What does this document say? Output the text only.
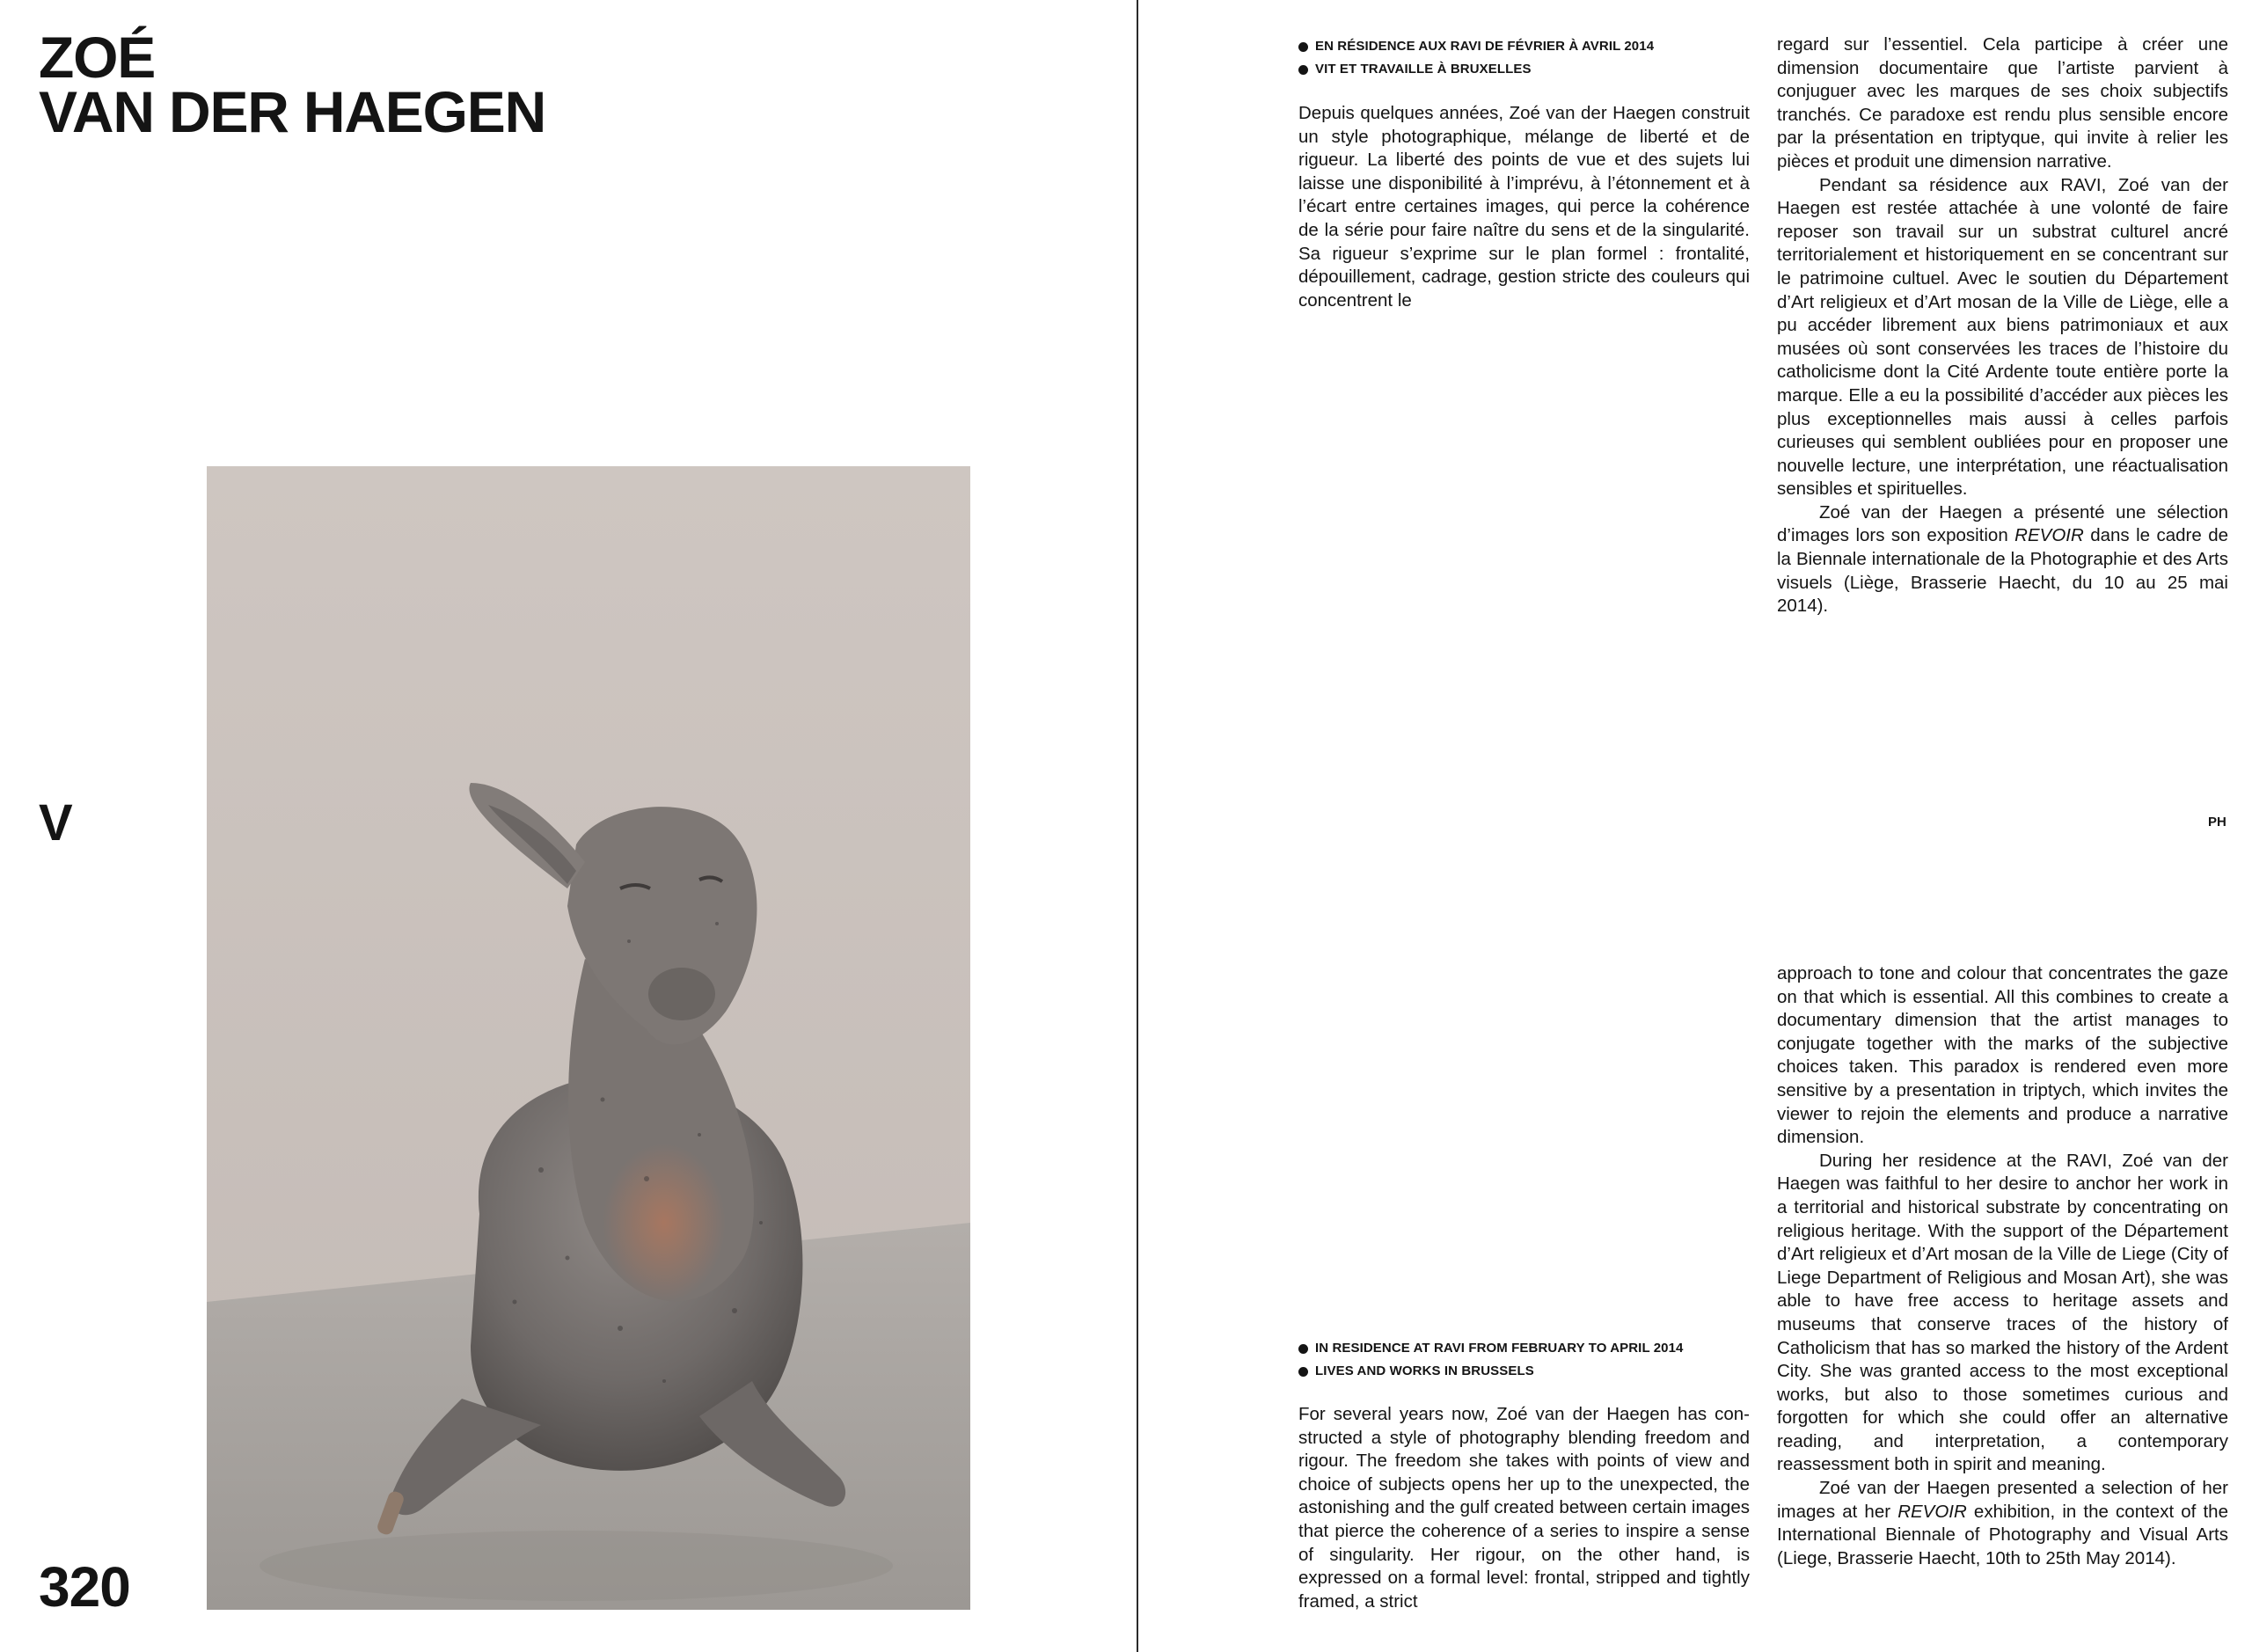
ZOÉ
VAN DER HAEGEN
V
320
EN RÉSIDENCE AUX RAVI DE FÉVRIER À AVRIL 2014
VIT ET TRAVAILLE À BRUXELLES

Depuis quelques années, Zoé van der Haegen construit un style photographique, mélange de liberté et de rigueur. La liberté des points de vue et des sujets lui laisse une disponibilité à l’imprévu, à l’étonnement et à l’écart entre certaines images, qui perce la cohérence de la série pour faire naître du sens et de la singularité. Sa rigueur s’exprime sur le plan formel : frontalité, dépouillement, cadrage, gestion stricte des couleurs qui concentrent le

regard sur l’essentiel. Cela participe à créer une dimension documentaire que l’artiste parvient à conjuguer avec les marques de ses choix subjectifs tranchés. Ce paradoxe est rendu plus sensible encore par la présentation en triptyque, qui invite à relier les pièces et produit une dimension narrative.

Pendant sa résidence aux RAVI, Zoé van der Haegen est restée attachée à une volonté de faire reposer son travail sur un substrat culturel ancré territorialement et historiquement en se concentrant sur le patrimoine cultuel. Avec le soutien du Département d’Art religieux et d’Art mosan de la Ville de Liège, elle a pu accéder librement aux biens patrimoniaux et aux musées où sont conservées les traces de l’histoire du catholicisme dont la Cité Ardente toute entière porte la marque. Elle a eu la possibilité d’accéder aux pièces les plus exceptionnelles mais aussi à celles parfois curieuses qui semblent oubliées pour en proposer une nouvelle lecture, une interprétation, une réactualisation sensibles et spirituelles.

Zoé van der Haegen a présenté une sélection d’images lors son exposition REVOIR dans le cadre de la Biennale internationale de la Photographie et des Arts visuels (Liège, Brasserie Haecht, du 10 au 25 mai 2014).

PH
IN RESIDENCE AT RAVI FROM FEBRUARY TO APRIL 2014
LIVES AND WORKS IN BRUSSELS

For several years now, Zoé van der Haegen has constructed a style of photography blending freedom and rigour. The freedom she takes with points of view and choice of subjects opens her up to the unexpected, the astonishing and the gulf created between certain images that pierce the coherence of a series to inspire a sense of singularity. Her rigour, on the other hand, is expressed on a formal level: frontal, stripped and tightly framed, a strict

approach to tone and colour that concentrates the gaze on that which is essential. All this combines to create a documentary dimension that the artist manages to conjugate together with the marks of the subjective choices taken. This paradox is rendered even more sensitive by a presentation in triptych, which invites the viewer to rejoin the elements and produce a narrative dimension.

During her residence at the RAVI, Zoé van der Haegen was faithful to her desire to anchor her work in a territorial and historical substrate by concentrating on religious heritage. With the support of the Département d’Art religieux et d’Art mosan de la Ville de Liege (City of Liege Department of Religious and Mosan Art), she was able to have free access to heritage assets and museums that conserve traces of the history of Catholicism that has so marked the history of the Ardent City. She was granted access to the most exceptional works, but also to those sometimes curious and forgotten for which she could offer an alternative reading, and interpretation, a contemporary reassessment both in spirit and meaning.

Zoé van der Haegen presented a selection of her images at her REVOIR exhibition, in the context of the International Biennale of Photography and Visual Arts (Liege, Brasserie Haecht, 10th to 25th May 2014).
